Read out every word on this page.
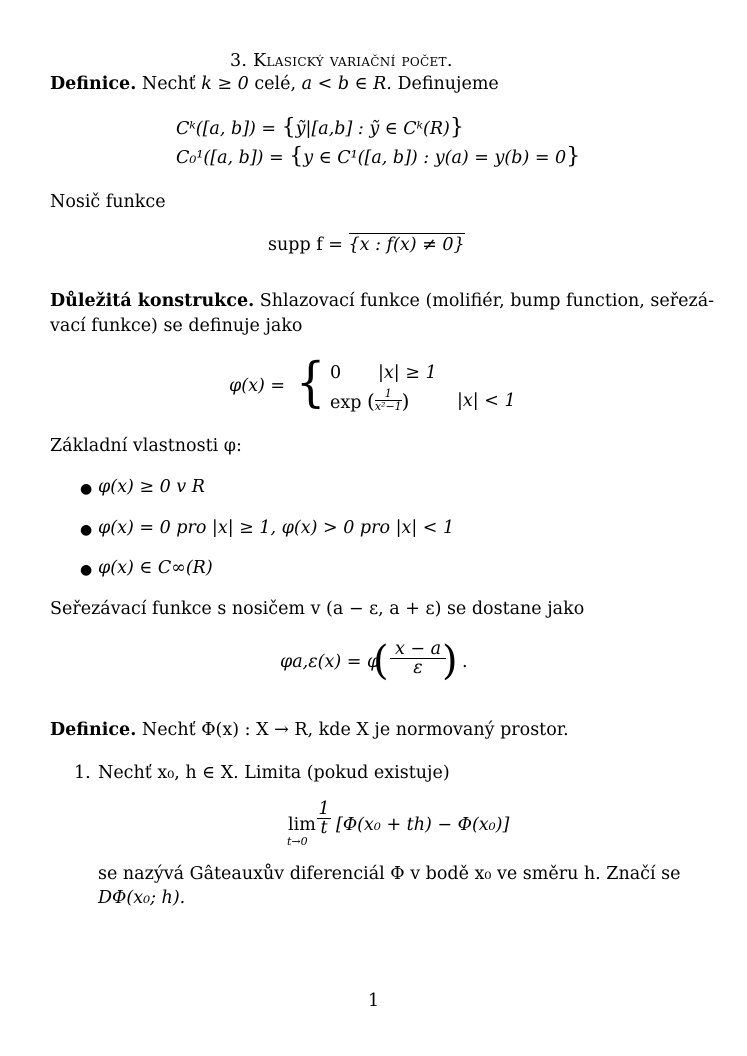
3. Klasický variační počet.
Definice. Nechť k ≥ 0 celé, a < b ∈ R. Definujeme
Cᵏ([a, b]) = {ỹ|[a,b] : ỹ ∈ Cᵏ(R)}
C₀¹([a, b]) = {y ∈ C¹([a, b]) : y(a) = y(b) = 0}
Nosič funkce
supp f = {x : f(x) ≠ 0}
Důležitá konstrukce. Shlazovací funkce (molifiér, bump function, seřezá-
vací funkce) se definuje jako
φ(x) = { 0 |x| ≥ 1
exp ( $\frac{1}{\text{x²−1}}$ )	|x| < 1
Základní vlastnosti φ:
● φ(x) ≥ 0 v R
● φ(x) = 0 pro |x| ≥ 1, φ(x) > 0 pro |x| < 1
● φ(x) ∈ C∞(R)
Seřezávací funkce s nosičem v (a − ε, a + ε) se dostane jako
φa,ε(x) = φ
( $\frac{x - a}{\varepsilon}$
) .
Definice. Nechť Φ(x) : X → R, kde X je normovaný prostor.
1. Nechť x₀, h ∈ X. Limita (pokud existuje)
lim
t→0
$\frac{1}{t} [\Phi(x_0 + th) - \Phi(x_0)]$
se nazývá Gâteauxův diferenciál Φ v bodě x₀ ve směru h. Značí se
DΦ(x₀; h).
1
